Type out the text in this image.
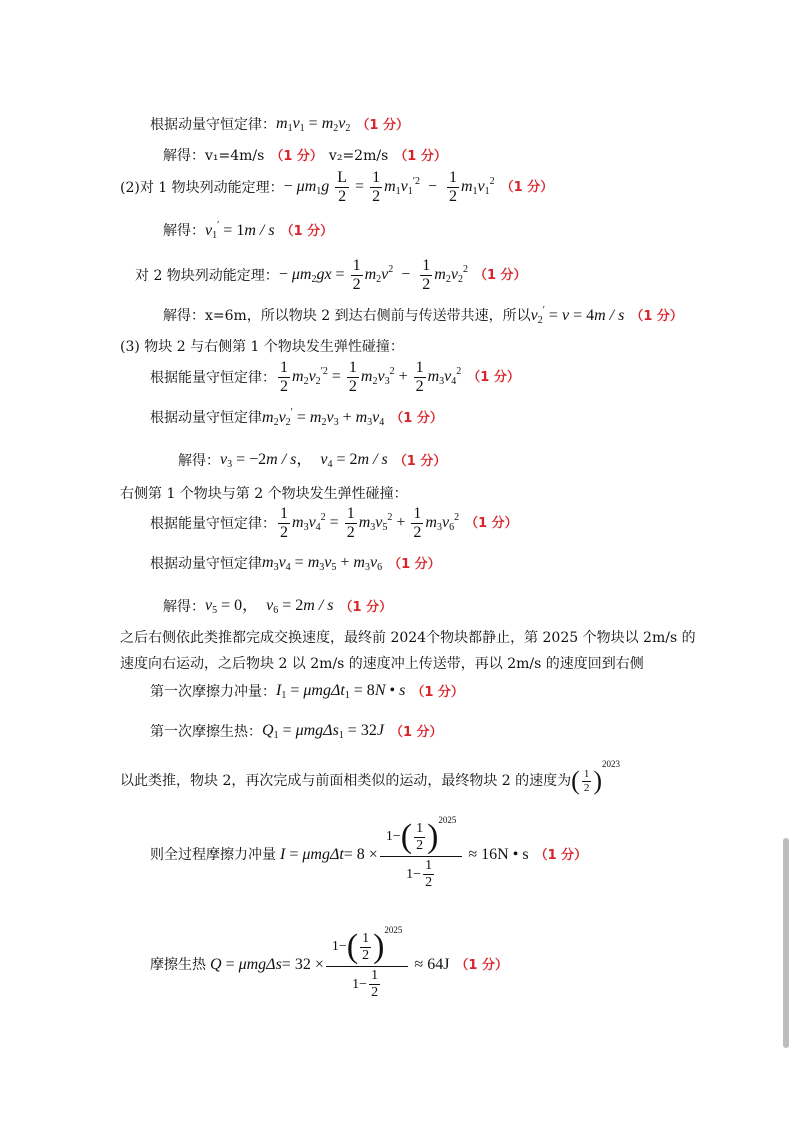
根据动量守恒定律： $m_1v_1 = m_2v_2$ （1 分）
解得： v₁=4m/s （1 分） v₂=2m/s （1 分）
(2)对 1 物块列动能定理： − $\mu m_1g \frac{L}{2} = \frac{1}{2} m_1v_1^{'2} - \frac{1}{2} m_1v_1^2$ （1 分）
解得： $v_1' = 1m / s$ （1 分）
对 2 物块列动能定理： − $\mu m_2gx = \frac{1}{2} m_2v^2 - \frac{1}{2} m_2v_2^2$ （1 分）
解得：x=6m，所以物块 2 到达右侧前与传送带共速，所以 $v_2' = v = 4m / s$ （1 分）
(3) 物块 2 与右侧第 1 个物块发生弹性碰撞：
根据能量守恒定律： $\frac{1}{2} m_2v_2^{'2} = \frac{1}{2} m_2v_3^2 + \frac{1}{2} m_3v_4^2$ （1 分）
根据动量守恒定律 $m_2v_2' = m_2v_3 + m_3v_4$ （1 分）
解得： $v_3 = -2m / s$，  $v_4 = 2m / s$ （1 分）
右侧第 1 个物块与第 2 个物块发生弹性碰撞：
根据能量守恒定律： $\frac{1}{2} m_3v_4^2 = \frac{1}{2} m_3v_5^2 + \frac{1}{2} m_3v_6^2$ （1 分）
根据动量守恒定律 $m_3v_4 = m_3v_5 + m_3v_6$ （1 分）
解得： $v_5 = 0$，  $v_6 = 2m / s$ （1 分）
之后右侧依此类推都完成交换速度，最终前 2024个物块都静止，第 2025 个物块以 2m/s 的
速度向右运动，之后物块 2 以 2m/s 的速度冲上传送带，再以 2m/s 的速度回到右侧
第一次摩擦力冲量： $I_1 = \mu mg\Delta t_1 = 8N$ • s （1 分）
第一次摩擦生热： $Q_1 = \mu mg\Delta s_1 = 32J$ （1 分）
以此类推，物块 2，再次完成与前面相类似的运动，最终物块 2 的速度为 ( $\frac{1}{2}$ )
2023
则全过程摩擦力冲量 $I = \mu mg\Delta t = 8 \times \frac{1- ( \frac{1}{2} ) 2025}{1- \frac{1}{2}} \approx 16N$ • s （1 分）
摩擦生热 $Q = \mu mg\Delta s = 32 \times \frac{1- ( \frac{1}{2} ) 2025}{1- \frac{1}{2}} \approx 64J$ （1 分）
